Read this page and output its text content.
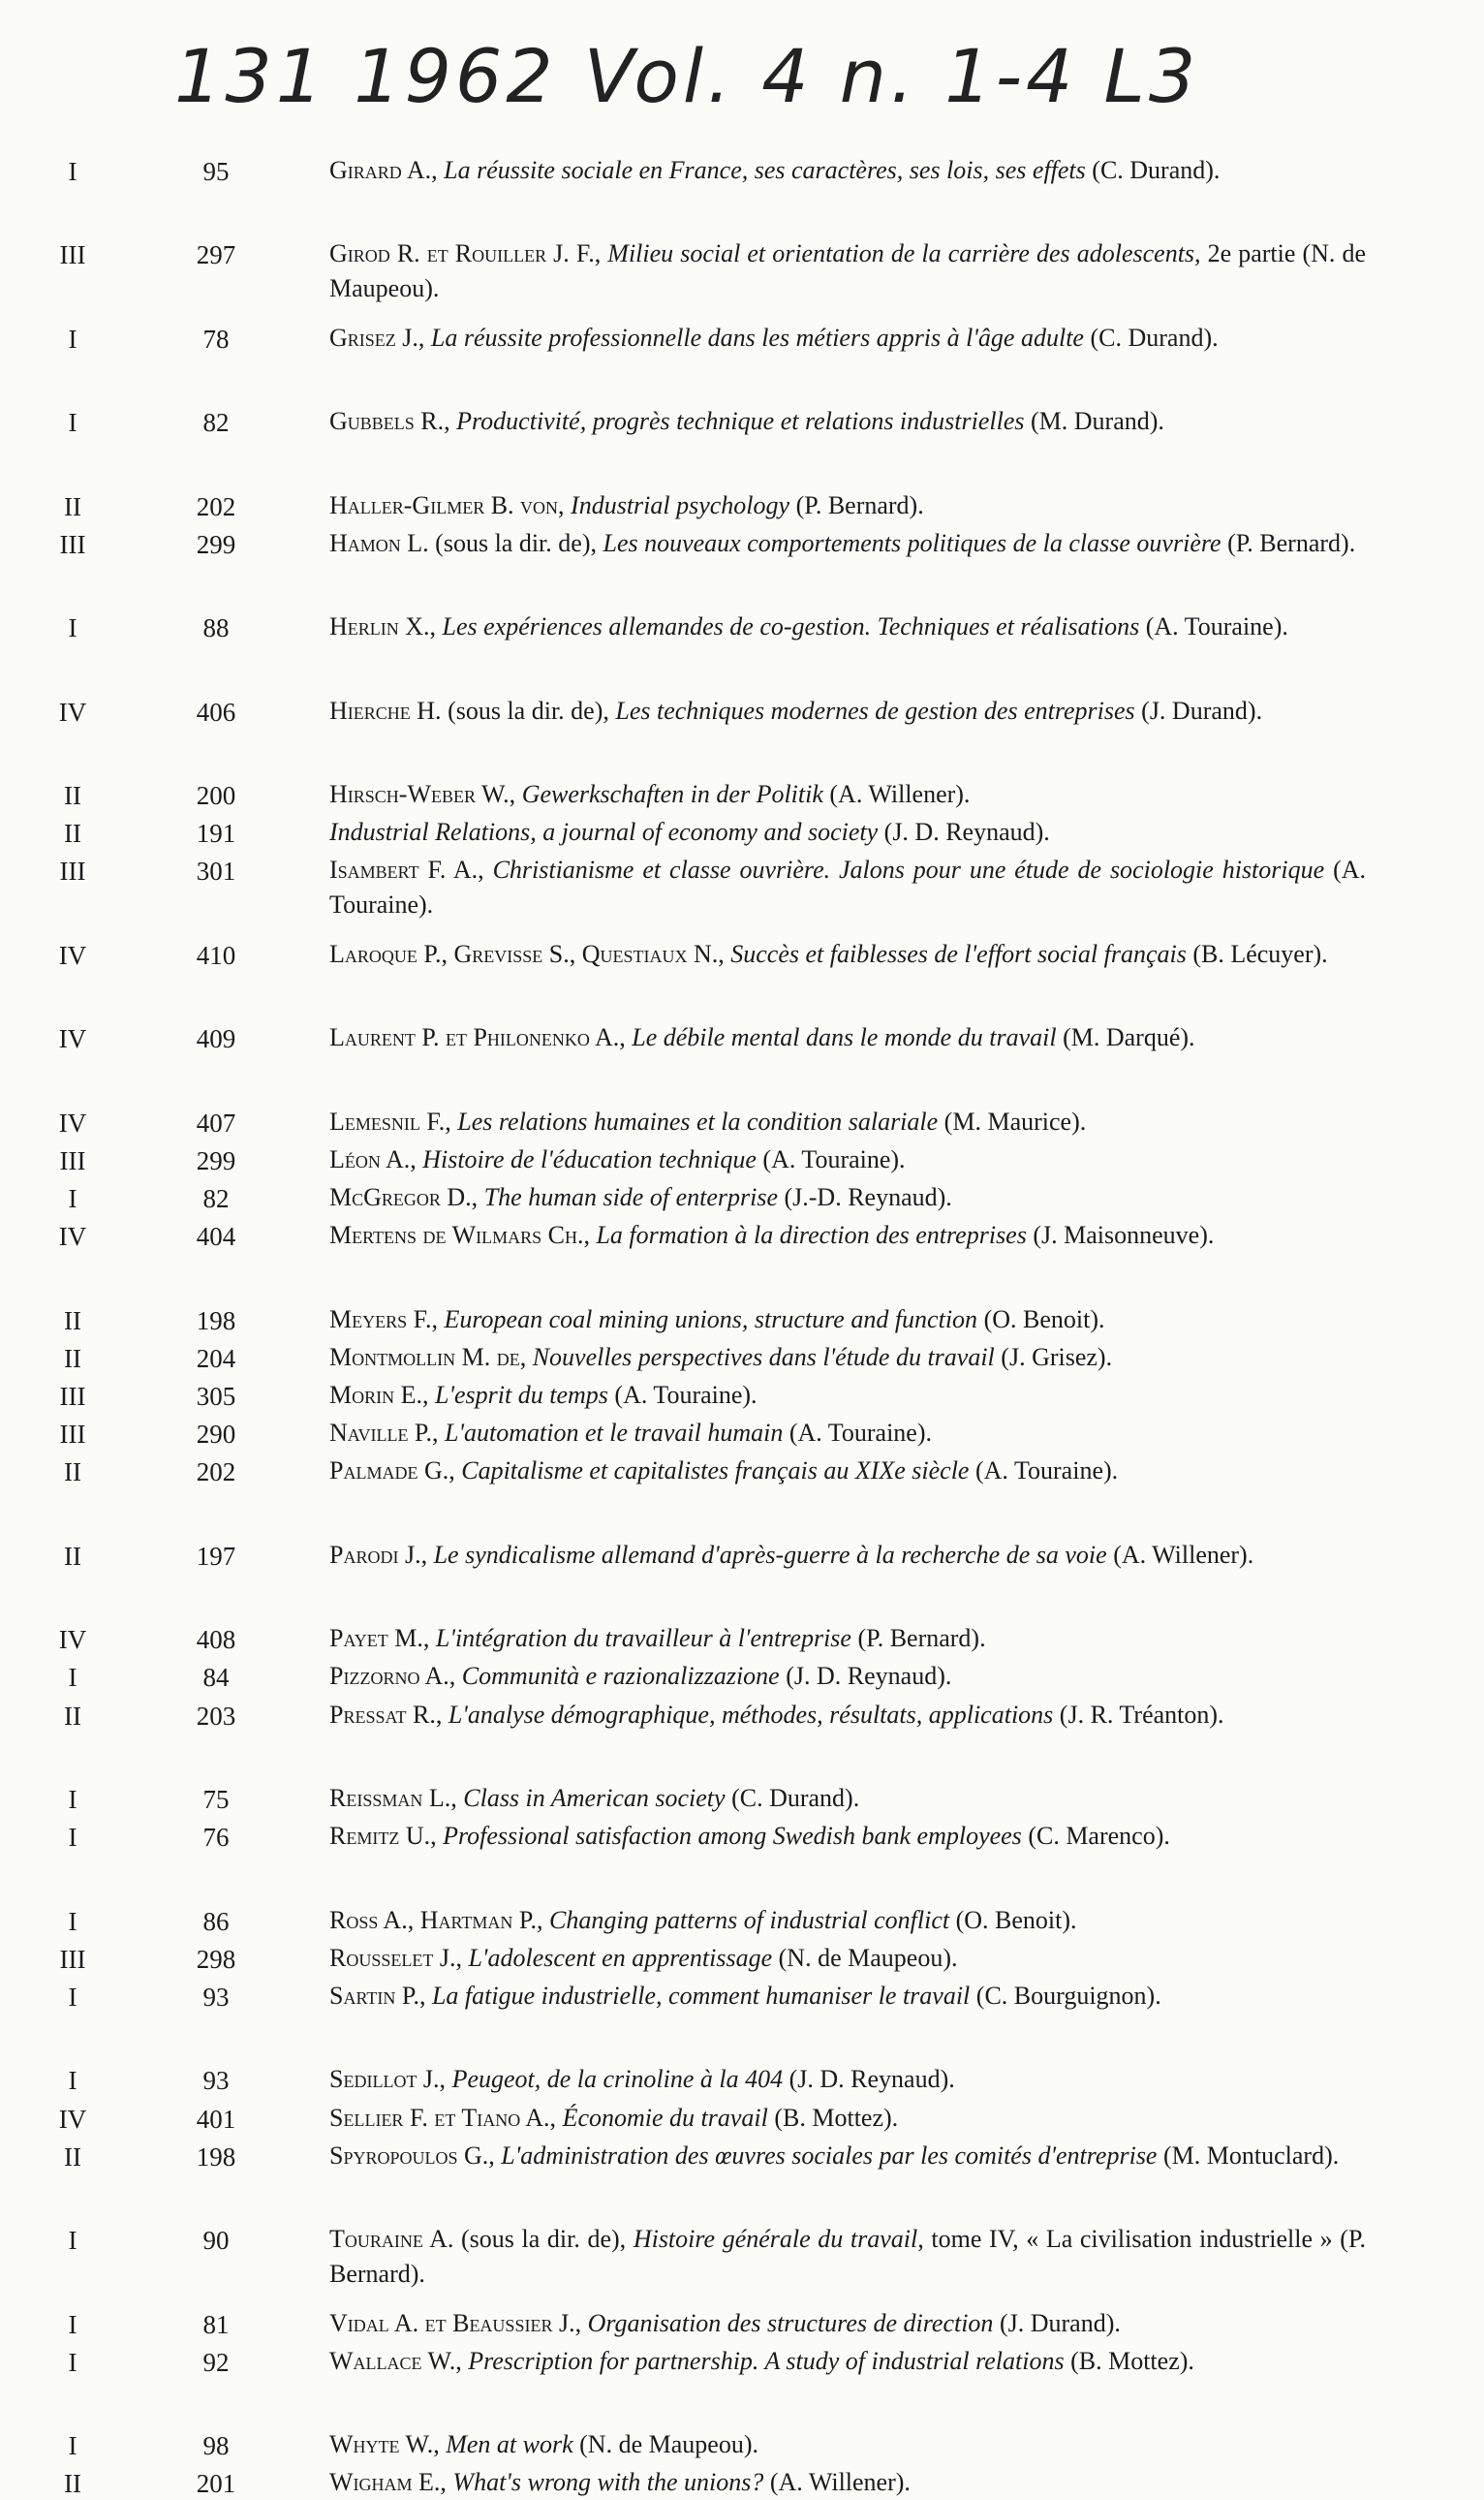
131 1962 Vol. 4 n. 1-4 L3
I	95	Girard A., La réussite sociale en France, ses caractères, ses lois, ses effets (C. Durand).
III	297	Girod R. et Rouiller J. F., Milieu social et orientation de la carrière des adolescents, 2e partie (N. de Maupeou).
I	78	Grisez J., La réussite professionnelle dans les métiers appris à l'âge adulte (C. Durand).
I	82	Gubbels R., Productivité, progrès technique et relations industrielles (M. Durand).
II	202	Haller-Gilmer B. von, Industrial psychology (P. Bernard).
III	299	Hamon L. (sous la dir. de), Les nouveaux comportements politiques de la classe ouvrière (P. Bernard).
I	88	Herlin X., Les expériences allemandes de co-gestion. Techniques et réalisations (A. Touraine).
IV	406	Hierche H. (sous la dir. de), Les techniques modernes de gestion des entreprises (J. Durand).
II	200	Hirsch-Weber W., Gewerkschaften in der Politik (A. Willener).
II	191	Industrial Relations, a journal of economy and society (J. D. Reynaud).
III	301	Isambert F. A., Christianisme et classe ouvrière. Jalons pour une étude de sociologie historique (A. Touraine).
IV	410	Laroque P., Grevisse S., Questiaux N., Succès et faiblesses de l'effort social français (B. Lécuyer).
IV	409	Laurent P. et Philonenko A., Le débile mental dans le monde du travail (M. Darqué).
IV	407	Lemesnil F., Les relations humaines et la condition salariale (M. Maurice).
III	299	Léon A., Histoire de l'éducation technique (A. Touraine).
I	82	McGregor D., The human side of enterprise (J.-D. Reynaud).
IV	404	Mertens de Wilmars Ch., La formation à la direction des entreprises (J. Maisonneuve).
II	198	Meyers F., European coal mining unions, structure and function (O. Benoit).
II	204	Montmollin M. de, Nouvelles perspectives dans l'étude du travail (J. Grisez).
III	305	Morin E., L'esprit du temps (A. Touraine).
III	290	Naville P., L'automation et le travail humain (A. Touraine).
II	202	Palmade G., Capitalisme et capitalistes français au XIXe siècle (A. Touraine).
II	197	Parodi J., Le syndicalisme allemand d'après-guerre à la recherche de sa voie (A. Willener).
IV	408	Payet M., L'intégration du travailleur à l'entreprise (P. Bernard).
I	84	Pizzorno A., Communità e razionalizzazione (J. D. Reynaud).
II	203	Pressat R., L'analyse démographique, méthodes, résultats, applications (J. R. Tréanton).
I	75	Reissman L., Class in American society (C. Durand).
I	76	Remitz U., Professional satisfaction among Swedish bank employees (C. Marenco).
I	86	Ross A., Hartman P., Changing patterns of industrial conflict (O. Benoit).
III	298	Rousselet J., L'adolescent en apprentissage (N. de Maupeou).
I	93	Sartin P., La fatigue industrielle, comment humaniser le travail (C. Bourguignon).
I	93	Sedillot J., Peugeot, de la crinoline à la 404 (J. D. Reynaud).
IV	401	Sellier F. et Tiano A., Économie du travail (B. Mottez).
II	198	Spyropoulos G., L'administration des œuvres sociales par les comités d'entreprise (M. Montuclard).
I	90	Touraine A. (sous la dir. de), Histoire générale du travail, tome IV, « La civilisation industrielle » (P. Bernard).
I	81	Vidal A. et Beaussier J., Organisation des structures de direction (J. Durand).
I	92	Wallace W., Prescription for partnership. A study of industrial relations (B. Mottez).
I	98	Whyte W., Men at work (N. de Maupeou).
II	201	Wigham E., What's wrong with the unions? (A. Willener).
